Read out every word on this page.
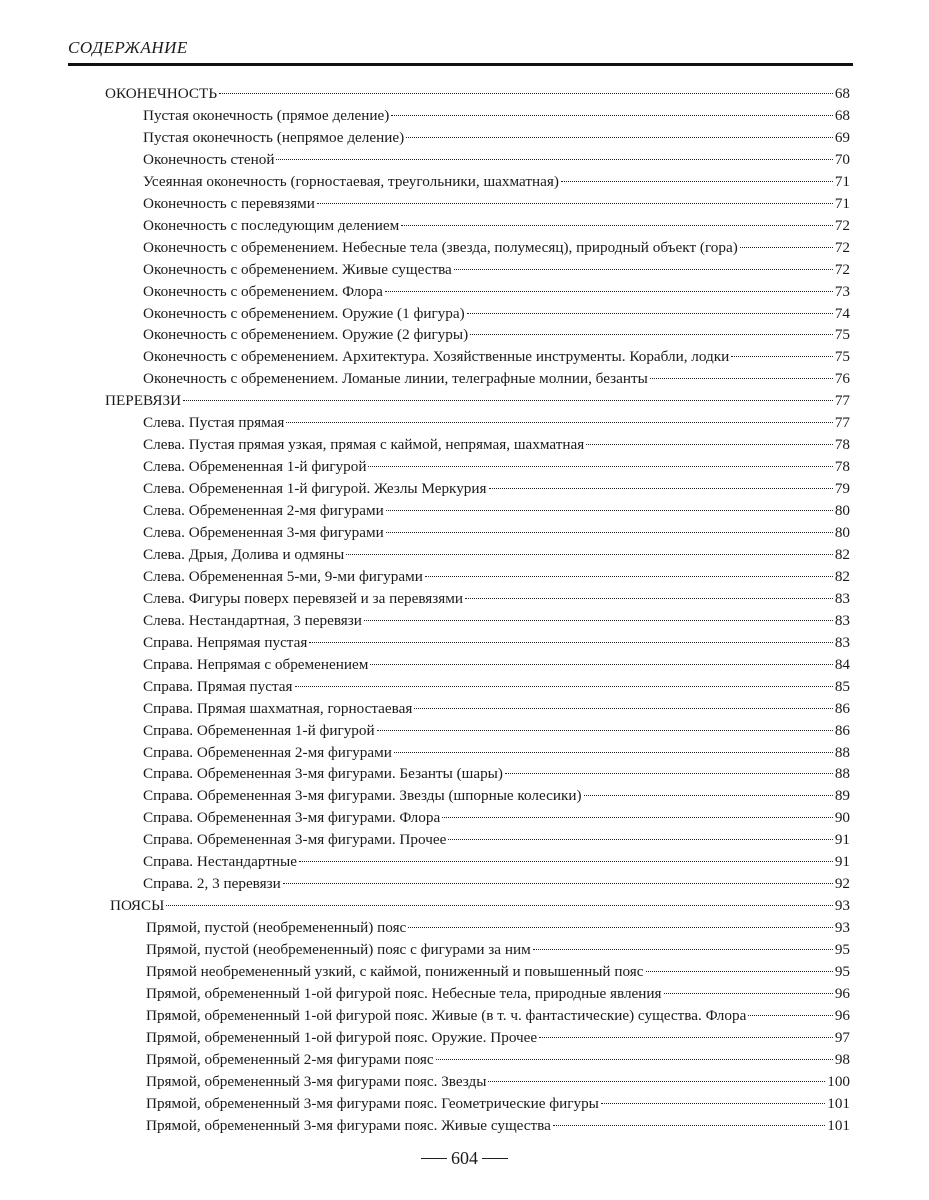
СОДЕРЖАНИЕ
ОКОНЕЧНОСТЬ	68
Пустая оконечность (прямое деление)	68
Пустая оконечность (непрямое деление)	69
Оконечность стеной	70
Усеянная оконечность (горностаевая, треугольники, шахматная)	71
Оконечность с перевязями	71
Оконечность с последующим делением	72
Оконечность с обременением. Небесные тела (звезда, полумесяц), природный объект (гора)	72
Оконечность с обременением. Живые существа	72
Оконечность с обременением. Флора	73
Оконечность с обременением. Оружие (1 фигура)	74
Оконечность с обременением. Оружие (2 фигуры)	75
Оконечность с обременением. Архитектура. Хозяйственные инструменты. Корабли, лодки	75
Оконечность с обременением. Ломаные линии, телеграфные молнии, безанты	76
ПЕРЕВЯЗИ	77
Слева. Пустая прямая	77
Слева. Пустая прямая узкая, прямая с каймой, непрямая, шахматная	78
Слева. Обремененная 1-й фигурой	78
Слева. Обремененная 1-й фигурой. Жезлы Меркурия	79
Слева. Обремененная 2-мя фигурами	80
Слева. Обремененная 3-мя фигурами	80
Слева. Дрыя, Долива и одмяны	82
Слева. Обремененная 5-ми, 9-ми фигурами	82
Слева. Фигуры поверх перевязей и за перевязями	83
Слева. Нестандартная, 3 перевязи	83
Справа. Непрямая пустая	83
Справа. Непрямая с обременением	84
Справа. Прямая пустая	85
Справа. Прямая шахматная, горностаевая	86
Справа. Обремененная 1-й фигурой	86
Справа. Обремененная 2-мя фигурами	88
Справа. Обремененная 3-мя фигурами. Безанты (шары)	88
Справа. Обремененная 3-мя фигурами. Звезды (шпорные колесики)	89
Справа. Обремененная 3-мя фигурами. Флора	90
Справа. Обремененная 3-мя фигурами. Прочее	91
Справа. Нестандартные	91
Справа. 2, 3 перевязи	92
ПОЯСЫ	93
Прямой, пустой (необремененный) пояс	93
Прямой, пустой (необремененный) пояс с фигурами за ним	95
Прямой необремененный узкий, с каймой, пониженный и повышенный пояс	95
Прямой, обремененный 1-ой фигурой пояс. Небесные тела, природные явления	96
Прямой, обремененный 1-ой фигурой пояс. Живые (в т. ч. фантастические) существа. Флора	96
Прямой, обремененный 1-ой фигурой пояс. Оружие. Прочее	97
Прямой, обремененный 2-мя фигурами пояс	98
Прямой, обремененный 3-мя фигурами пояс. Звезды	100
Прямой, обремененный 3-мя фигурами пояс. Геометрические фигуры	101
Прямой, обремененный 3-мя фигурами пояс. Живые существа	101
604
